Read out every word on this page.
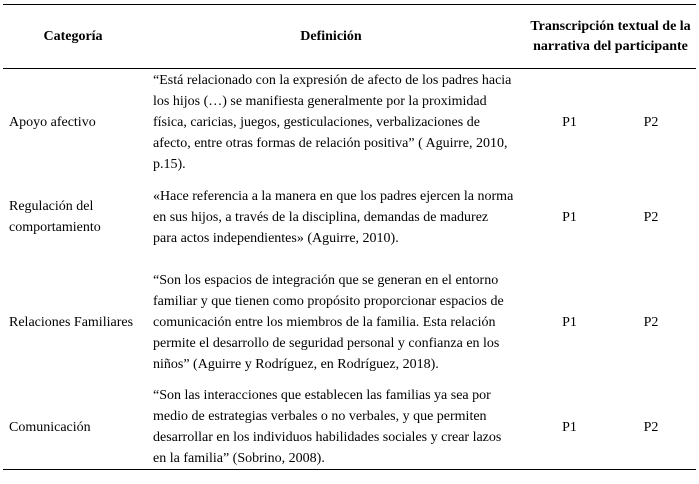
Categoría	Definición	Transcripción textual de la narrativa del participante	
Apoyo afectivo	“Está relacionado con la expresión de afecto de los padres hacia los hijos (…) se manifiesta generalmente por la proximidad física, caricias, juegos, gesticulaciones, verbalizaciones de afecto, entre otras formas de relación positiva” ( Aguirre, 2010, p.15).	P1	P2
Regulación del comportamiento	«Hace referencia a la manera en que los padres ejercen la norma en sus hijos, a través de la disciplina, demandas de madurez para actos independientes» (Aguirre, 2010).	P1	P2
Relaciones Familiares	“Son los espacios de integración que se generan en el entorno familiar y que tienen como propósito proporcionar espacios de comunicación entre los miembros de la familia. Esta relación permite el desarrollo de seguridad personal y confianza en los niños” (Aguirre y Rodríguez, en Rodríguez, 2018).	P1	P2
Comunicación	“Son las interacciones que establecen las familias ya sea por medio de estrategias verbales o no verbales, y que permiten desarrollar en los individuos habilidades sociales y crear lazos en la familia” (Sobrino, 2008).	P1	P2
